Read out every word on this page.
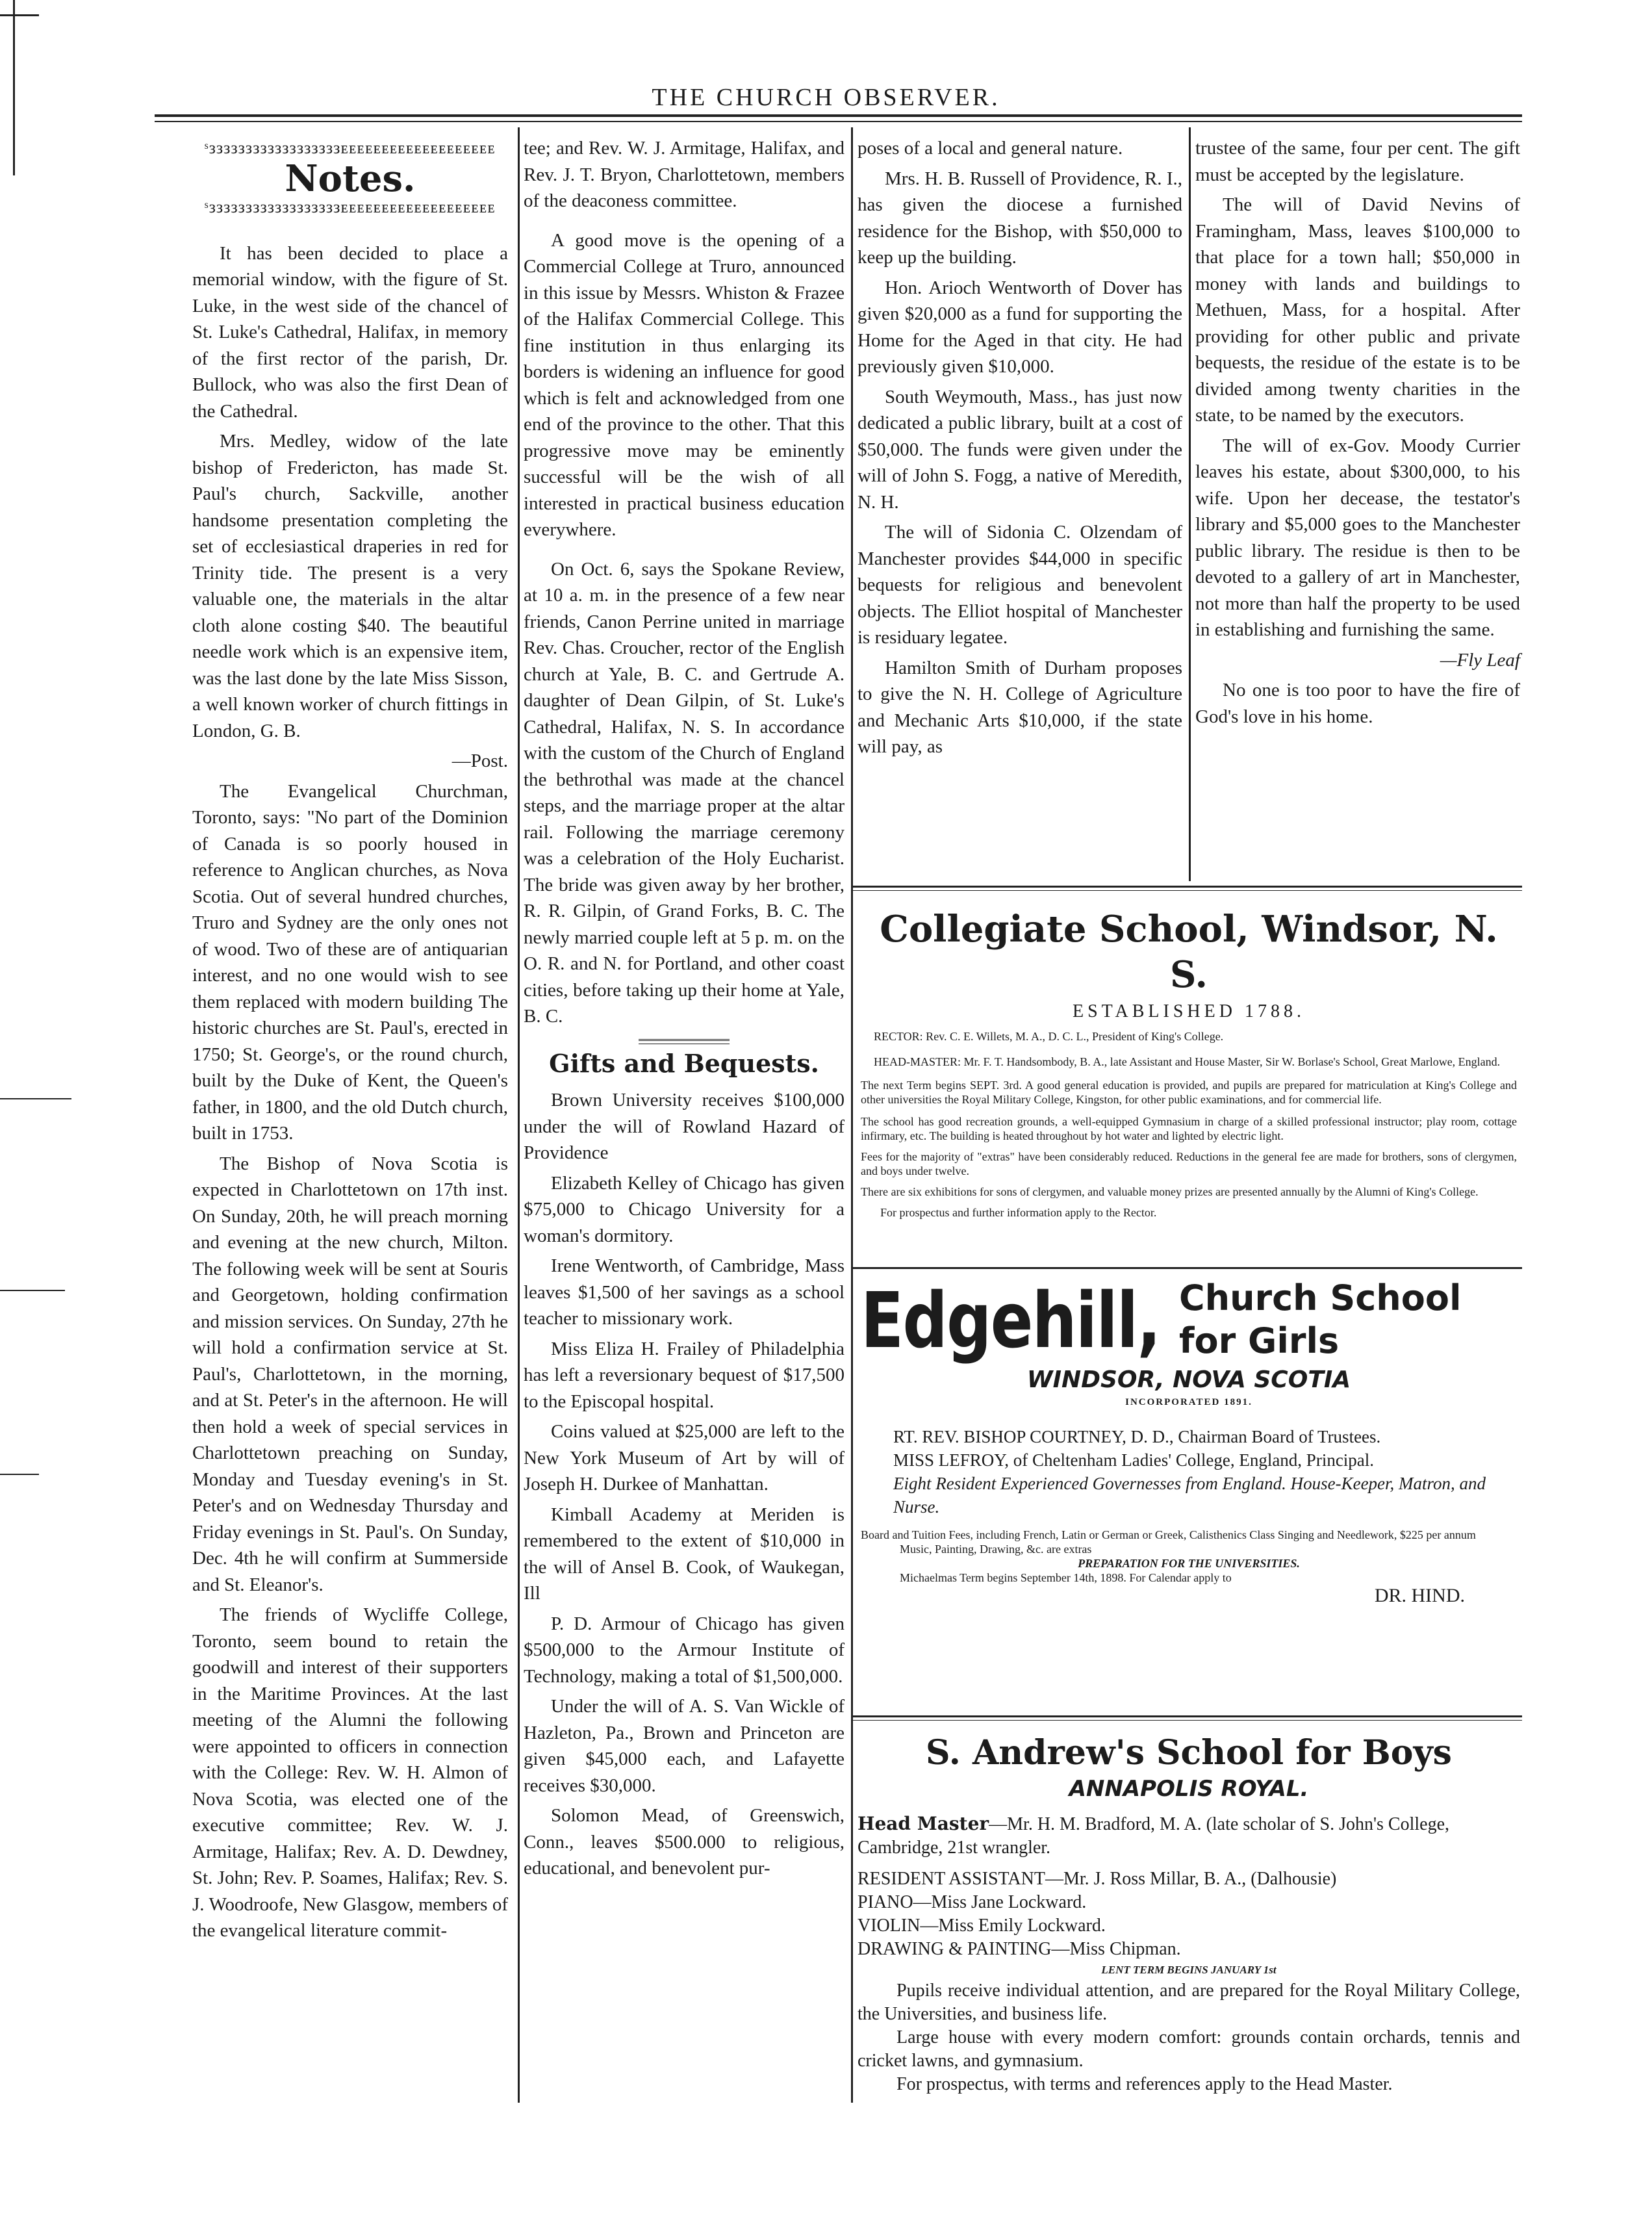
THE CHURCH OBSERVER.
ˢᴈᴈᴈᴈᴈᴈᴈᴈᴈᴈᴈᴈᴈᴈᴈᴈᴈᴈᴇᴇᴇᴇᴇᴇᴇᴇᴇᴇᴇᴇᴇᴇᴇᴇᴇᴇᴇ
Notes.
ˢᴈᴈᴈᴈᴈᴈᴈᴈᴈᴈᴈᴈᴈᴈᴈᴈᴈᴈᴇᴇᴇᴇᴇᴇᴇᴇᴇᴇᴇᴇᴇᴇᴇᴇᴇᴇᴇ

It has been decided to place a memorial window, with the figure of St. Luke, in the west side of the chancel of St. Luke's Cathedral, Halifax, in memory of the first rector of the parish, Dr. Bullock, who was also the first Dean of the Cathedral.

Mrs. Medley, widow of the late bishop of Fredericton, has made St. Paul's church, Sackville, another handsome presentation completing the set of ecclesiastical draperies in red for Trinity tide. The present is a very valuable one, the materials in the altar cloth alone costing $40. The beautiful needle work which is an expensive item, was the last done by the late Miss Sisson, a well known worker of church fittings in London, G. B.

—Post.

The Evangelical Churchman, Toronto, says: "No part of the Dominion of Canada is so poorly housed in reference to Anglican churches, as Nova Scotia. Out of several hundred churches, Truro and Sydney are the only ones not of wood. Two of these are of antiquarian interest, and no one would wish to see them replaced with modern building The historic churches are St. Paul's, erected in 1750; St. George's, or the round church, built by the Duke of Kent, the Queen's father, in 1800, and the old Dutch church, built in 1753.

The Bishop of Nova Scotia is expected in Charlottetown on 17th inst. On Sunday, 20th, he will preach morning and evening at the new church, Milton. The following week will be sent at Souris and Georgetown, holding confirmation and mission services. On Sunday, 27th he will hold a confirmation service at St. Paul's, Charlottetown, in the morning, and at St. Peter's in the afternoon. He will then hold a week of special services in Charlottetown preaching on Sunday, Monday and Tuesday evening's in St. Peter's and on Wednesday Thursday and Friday evenings in St. Paul's. On Sunday, Dec. 4th he will confirm at Summerside and St. Eleanor's.

The friends of Wycliffe College, Toronto, seem bound to retain the goodwill and interest of their supporters in the Maritime Provinces. At the last meeting of the Alumni the following were appointed to officers in connection with the College: Rev. W. H. Almon of Nova Scotia, was elected one of the executive committee; Rev. W. J. Armitage, Halifax; Rev. A. D. Dewdney, St. John; Rev. P. Soames, Halifax; Rev. S. J. Woodroofe, New Glasgow, members of the evangelical literature commit-

tee; and Rev. W. J. Armitage, Halifax, and Rev. J. T. Bryon, Charlottetown, members of the deaconess committee.

A good move is the opening of a Commercial College at Truro, announced in this issue by Messrs. Whiston & Frazee of the Halifax Commercial College. This fine institution in thus enlarging its borders is widening an influence for good which is felt and acknowledged from one end of the province to the other. That this progressive move may be eminently successful will be the wish of all interested in practical business education everywhere.

On Oct. 6, says the Spokane Review, at 10 a. m. in the presence of a few near friends, Canon Perrine united in marriage Rev. Chas. Croucher, rector of the English church at Yale, B. C. and Gertrude A. daughter of Dean Gilpin, of St. Luke's Cathedral, Halifax, N. S. In accordance with the custom of the Church of England the bethrothal was made at the chancel steps, and the marriage proper at the altar rail. Following the marriage ceremony was a celebration of the Holy Eucharist. The bride was given away by her brother, R. R. Gilpin, of Grand Forks, B. C. The newly married couple left at 5 p. m. on the O. R. and N. for Portland, and other coast cities, before taking up their home at Yale, B. C.

Gifts and Bequests.

Brown University receives $100,000 under the will of Rowland Hazard of Providence

Elizabeth Kelley of Chicago has given $75,000 to Chicago University for a woman's dormitory.

Irene Wentworth, of Cambridge, Mass leaves $1,500 of her savings as a school teacher to missionary work.

Miss Eliza H. Frailey of Philadelphia has left a reversionary bequest of $17,500 to the Episcopal hospital.

Coins valued at $25,000 are left to the New York Museum of Art by will of Joseph H. Durkee of Manhattan.

Kimball Academy at Meriden is remembered to the extent of $10,000 in the will of Ansel B. Cook, of Waukegan, Ill

P. D. Armour of Chicago has given $500,000 to the Armour Institute of Technology, making a total of $1,500,000.

Under the will of A. S. Van Wickle of Hazleton, Pa., Brown and Princeton are given $45,000 each, and Lafayette receives $30,000.

Solomon Mead, of Greenswich, Conn., leaves $500.000 to religious, educational, and benevolent pur-

poses of a local and general nature.

Mrs. H. B. Russell of Providence, R. I., has given the diocese a furnished residence for the Bishop, with $50,000 to keep up the building.

Hon. Arioch Wentworth of Dover has given $20,000 as a fund for supporting the Home for the Aged in that city. He had previously given $10,000.

South Weymouth, Mass., has just now dedicated a public library, built at a cost of $50,000. The funds were given under the will of John S. Fogg, a native of Meredith, N. H.

The will of Sidonia C. Olzendam of Manchester provides $44,000 in specific bequests for religious and benevolent objects. The Elliot hospital of Manchester is residuary legatee.

Hamilton Smith of Durham proposes to give the N. H. College of Agriculture and Mechanic Arts $10,000, if the state will pay, as

trustee of the same, four per cent. The gift must be accepted by the legislature.

The will of David Nevins of Framingham, Mass, leaves $100,000 to that place for a town hall; $50,000 in money with lands and buildings to Methuen, Mass, for a hospital. After providing for other public and private bequests, the residue of the estate is to be divided among twenty charities in the state, to be named by the executors.

The will of ex-Gov. Moody Currier leaves his estate, about $300,000, to his wife. Upon her decease, the testator's library and $5,000 goes to the Manchester public library. The residue is then to be devoted to a gallery of art in Manchester, not more than half the property to be used in establishing and furnishing the same.

—Fly Leaf

No one is too poor to have the fire of God's love in his home.

Collegiate School, Windsor, N. S.
ESTABLISHED 1788.
RECTOR: Rev. C. E. Willets, M. A., D. C. L., President of King's College.
HEAD-MASTER: Mr. F. T. Handsombody, B. A., late Assistant and House Master, Sir W. Borlase's School, Great Marlowe, England.
The next Term begins SEPT. 3rd. A good general education is provided, and pupils are prepared for matriculation at King's College and other universities the Royal Military College, Kingston, for other public examinations, and for commercial life.
The school has good recreation grounds, a well-equipped Gymnasium in charge of a skilled professional instructor; play room, cottage infirmary, etc. The building is heated throughout by hot water and lighted by electric light.
Fees for the majority of "extras" have been considerably reduced. Reductions in the general fee are made for brothers, sons of clergymen, and boys under twelve.
There are six exhibitions for sons of clergymen, and valuable money prizes are presented annually by the Alumni of King's College.
For prospectus and further information apply to the Rector.
Edgehill, Church School
for Girls
WINDSOR, NOVA SCOTIA
INCORPORATED 1891.
RT. REV. BISHOP COURTNEY, D. D., Chairman Board of Trustees.
MISS LEFROY, of Cheltenham Ladies' College, England, Principal.
Eight Resident Experienced Governesses from England. House-Keeper, Matron, and Nurse.
Board and Tuition Fees, including French, Latin or German or Greek, Calisthenics Class Singing and Needlework, $225 per annum
Music, Painting, Drawing, &c. are extras
PREPARATION FOR THE UNIVERSITIES.
Michaelmas Term begins September 14th, 1898. For Calendar apply to
DR. HIND.
S. Andrew's School for Boys
ANNAPOLIS ROYAL.
Head Master—Mr. H. M. Bradford, M. A. (late scholar of S. John's College, Cambridge, 21st wrangler.
RESIDENT ASSISTANT—Mr. J. Ross Millar, B. A., (Dalhousie)
PIANO—Miss Jane Lockward.
VIOLIN—Miss Emily Lockward.
DRAWING & PAINTING—Miss Chipman.
LENT TERM BEGINS JANUARY 1st
Pupils receive individual attention, and are prepared for the Royal Military College, the Universities, and business life.
Large house with every modern comfort: grounds contain orchards, tennis and cricket lawns, and gymnasium.
For prospectus, with terms and references apply to the Head Master.
